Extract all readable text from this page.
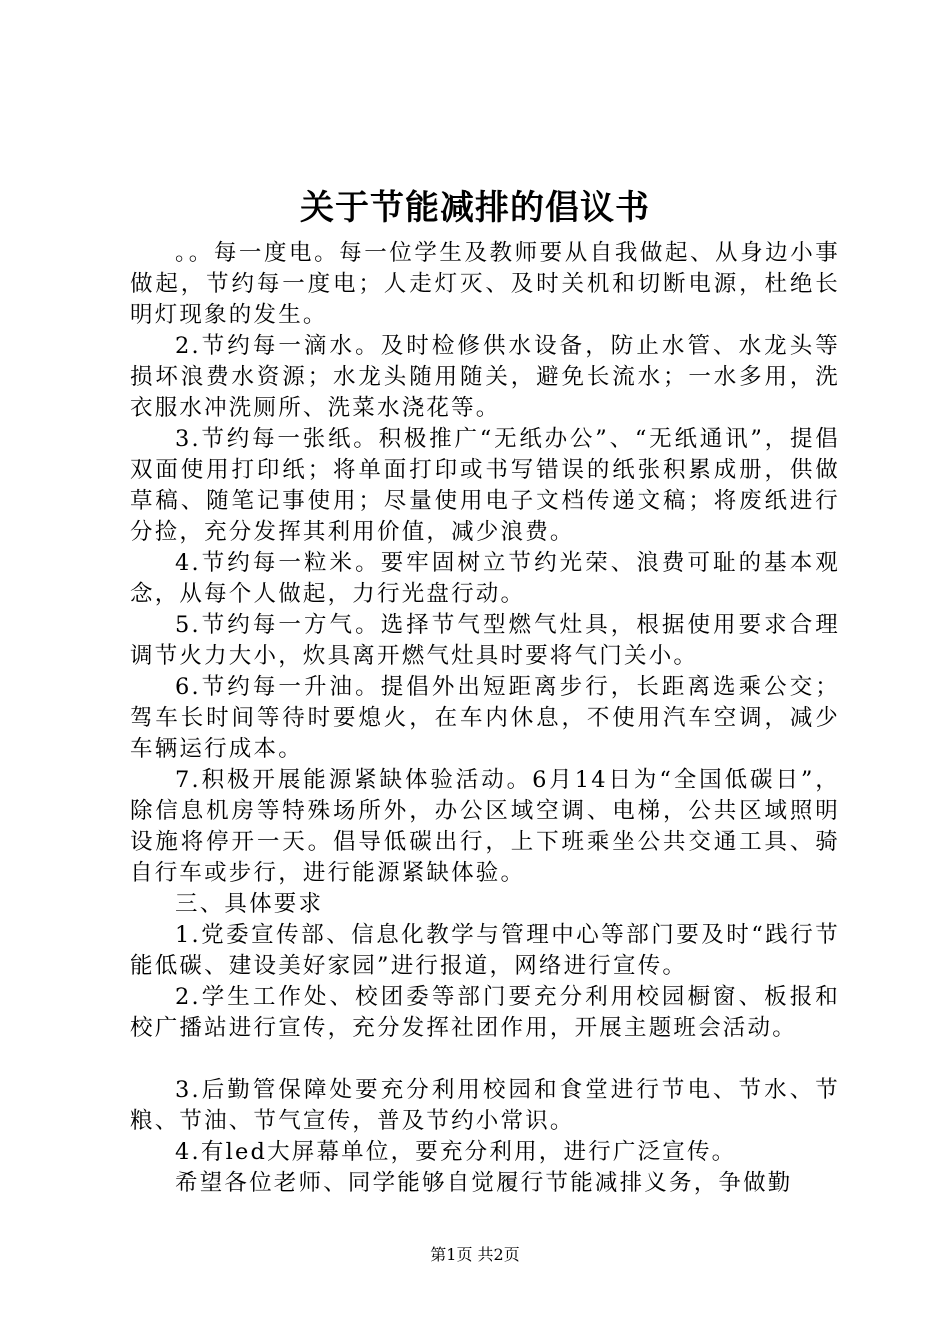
关于节能减排的倡议书

。。每一度电。每一位学生及教师要从自我做起、从身边小事做起，节约每一度电；人走灯灭、及时关机和切断电源，杜绝长明灯现象的发生。

2.节约每一滴水。及时检修供水设备，防止水管、水龙头等损坏浪费水资源；水龙头随用随关，避免长流水；一水多用，洗衣服水冲洗厕所、洗菜水浇花等。

3.节约每一张纸。积极推广“无纸办公”、“无纸通讯”，提倡双面使用打印纸；将单面打印或书写错误的纸张积累成册，供做草稿、随笔记事使用；尽量使用电子文档传递文稿；将废纸进行分捡，充分发挥其利用价值，减少浪费。

4.节约每一粒米。要牢固树立节约光荣、浪费可耻的基本观念，从每个人做起，力行光盘行动。

5.节约每一方气。选择节气型燃气灶具，根据使用要求合理调节火力大小，炊具离开燃气灶具时要将气门关小。

6.节约每一升油。提倡外出短距离步行，长距离选乘公交；驾车长时间等待时要熄火，在车内休息，不使用汽车空调，减少车辆运行成本。

7.积极开展能源紧缺体验活动。6月14日为“全国低碳日”，除信息机房等特殊场所外，办公区域空调、电梯，公共区域照明设施将停开一天。倡导低碳出行，上下班乘坐公共交通工具、骑自行车或步行，进行能源紧缺体验。

三、具体要求

1.党委宣传部、信息化教学与管理中心等部门要及时“践行节能低碳、建设美好家园”进行报道，网络进行宣传。

2.学生工作处、校团委等部门要充分利用校园橱窗、板报和校广播站进行宣传，充分发挥社团作用，开展主题班会活动。

3.后勤管保障处要充分利用校园和食堂进行节电、节水、节粮、节油、节气宣传，普及节约小常识。

4.有led大屏幕单位，要充分利用，进行广泛宣传。

希望各位老师、同学能够自觉履行节能减排义务，争做勤

第1页 共2页
